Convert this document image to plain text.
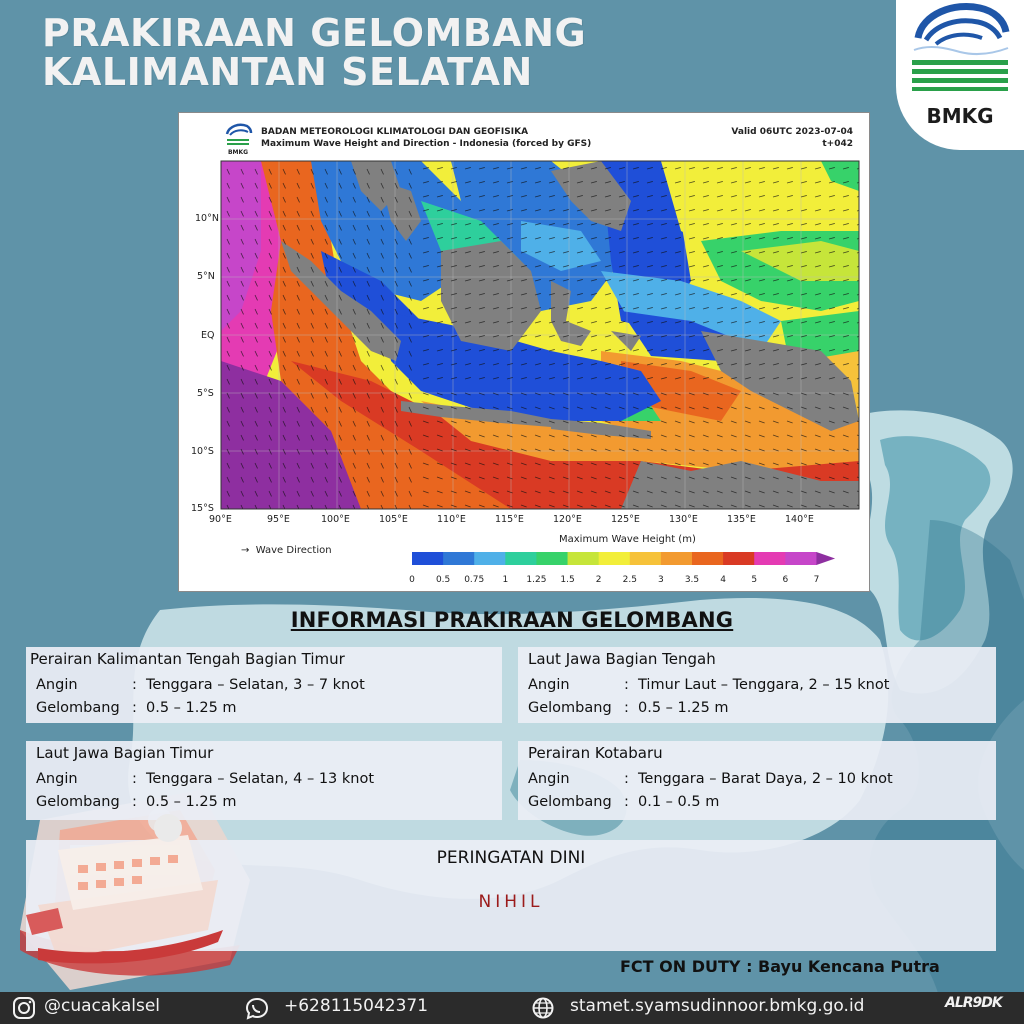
PRAKIRAAN GELOMBANG
KALIMANTAN SELATAN
BMKG
BMKG
BADAN METEOROLOGI KLIMATOLOGI DAN GEOFISIKA
Maximum Wave Height and Direction - Indonesia (forced by GFS)
Valid 06UTC 2023-07-04
t+042
10°N
5°N
EQ
5°S
10°S
15°S
90°E	95°E	100°E	105°E	110°E	115°E	120°E	125°E	130°E	135°E	140°E
→  Wave Direction
Maximum Wave Height (m)
0 0.5 0.75 1 1.25 1.5 2 2.5 3 3.5 4	5	6	7
INFORMASI PRAKIRAAN GELOMBANG
Perairan Kalimantan Tengah Bagian Timur
Angin	: Tenggara – Selatan, 3 – 7 knot
Gelombang : 0.5 – 1.25 m
Laut Jawa Bagian Tengah
Angin	: Timur Laut – Tenggara, 2 – 15 knot
Gelombang : 0.5 – 1.25 m
Laut Jawa Bagian Timur
Angin	: Tenggara – Selatan, 4 – 13 knot
Gelombang : 0.5 – 1.25 m
Perairan Kotabaru
Angin	: Tenggara – Barat Daya, 2 – 10 knot
Gelombang : 0.1 – 0.5 m
PERINGATAN DINI
NIHIL
FCT ON DUTY : Bayu Kencana Putra
@cuacakalsel	+628115042371	stamet.syamsudinnoor.bmkg.go.id	ALR9DK
